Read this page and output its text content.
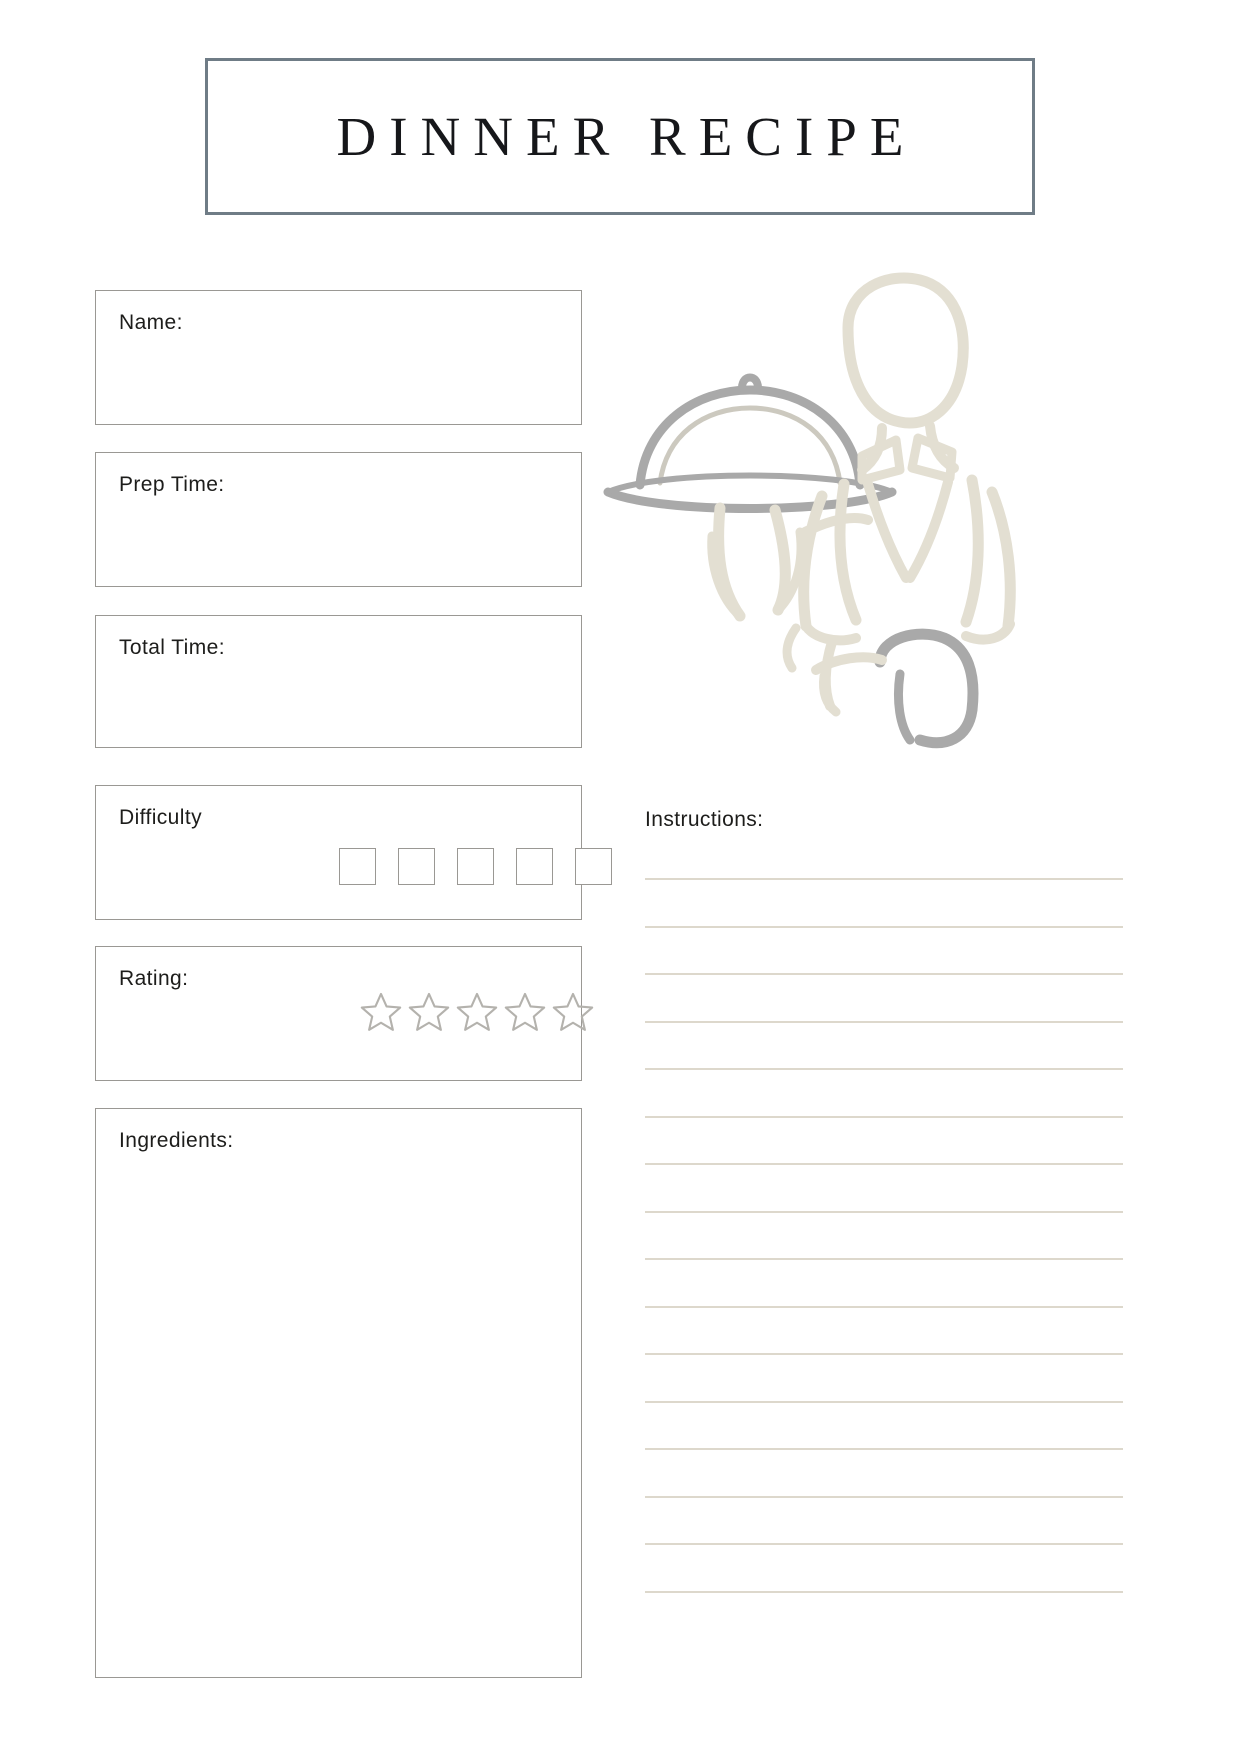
DINNER RECIPE
Name:
Prep Time:
Total Time:
Difficulty
Rating:
Ingredients:
Instructions:
